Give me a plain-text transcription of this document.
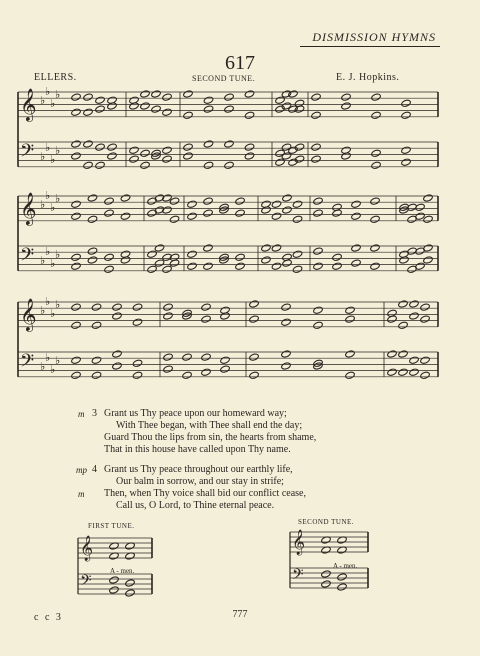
DISMISSION HYMNS
617
ELLERS.	SECOND TUNE.	E. J. Hopkins.
𝄞
𝄢
♭
♭
♭
♭
♭
♭
♭
♭
𝄞
𝄢
♭
♭
♭
♭
♭
♭
♭
♭
𝄞
𝄢
♭
♭
♭
♭
♭
♭
♭
♭
m 3 Grant us Thy peace upon our homeward way;
With Thee began, with Thee shall end the day;
Guard Thou the lips from sin, the hearts from shame,
That in this house have called upon Thy name.
mp 4 Grant us Thy peace throughout our earthly life,
Our balm in sorrow, and our stay in strife;
m Then, when Thy voice shall bid our conflict cease,
Call us, O Lord, to Thine eternal peace.
FIRST TUNE.	SECOND TUNE.
𝄞
𝄢
𝄞
𝄢
A - men.
A - men.
c c 3	777
